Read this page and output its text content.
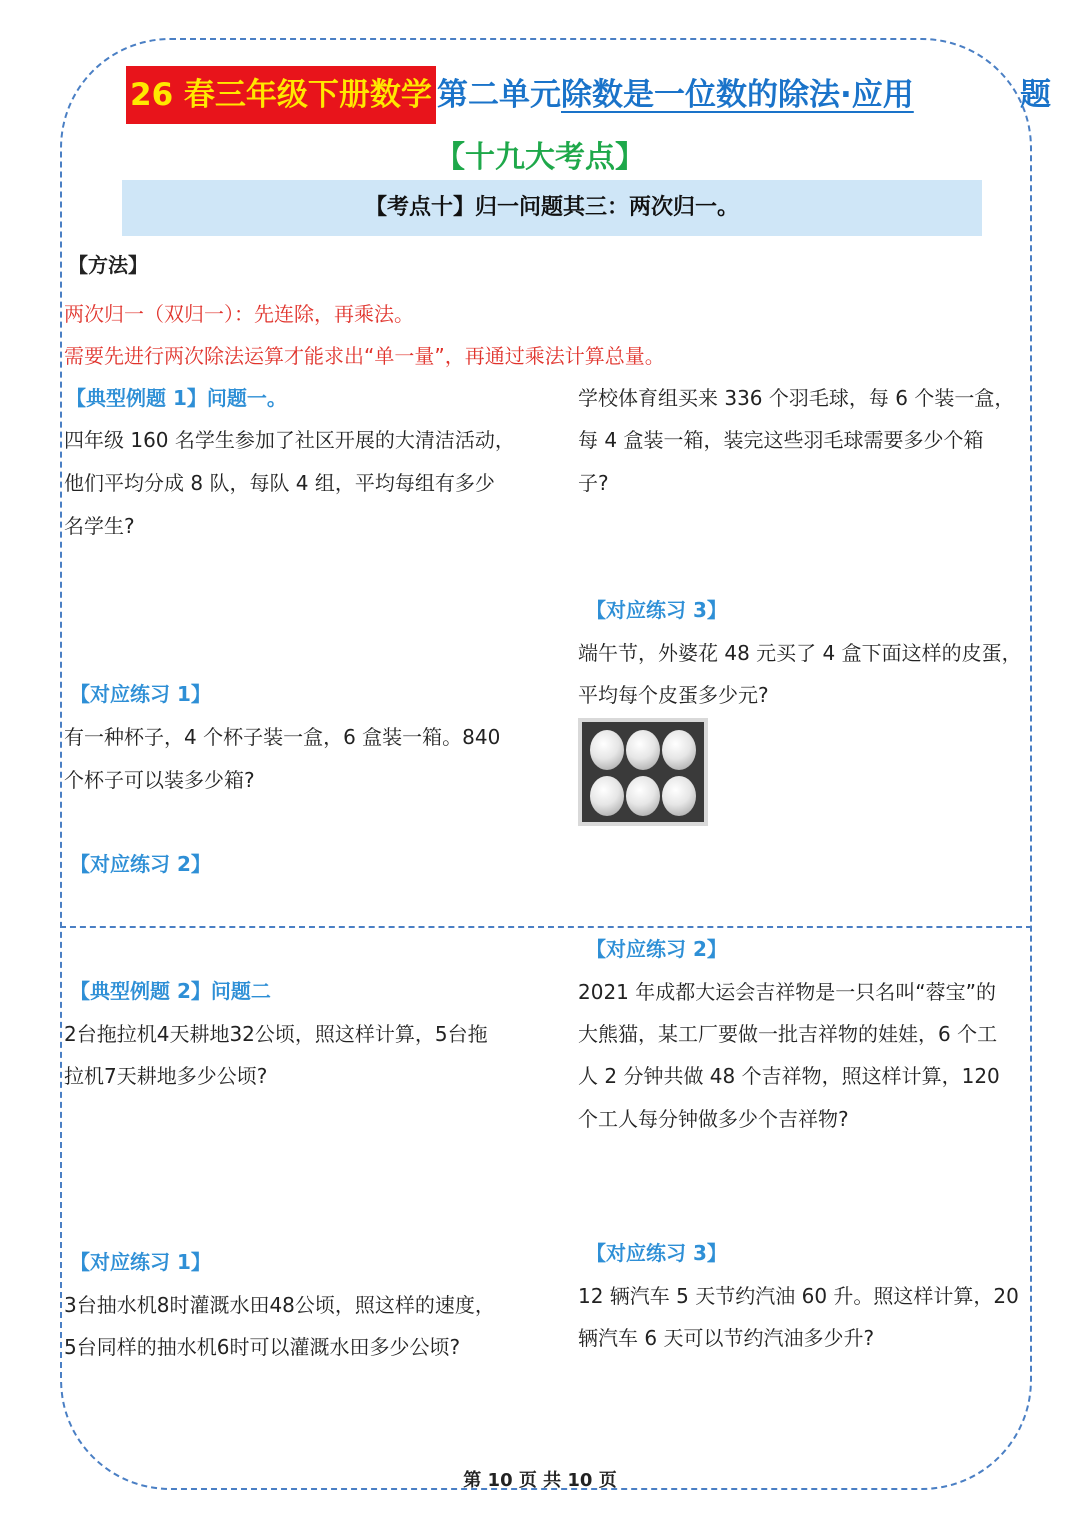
26 春三年级下册数学 第二单元除数是一位数的除法·应用	题
【十九大考点】
【考点十】归一问题其三：两次归一。
【方法】
两次归一（双归一）：先连除，再乘法。
需要先进行两次除法运算才能求出“单一量”，再通过乘法计算总量。
【典型例题 1】问题一。
四年级 160 名学生参加了社区开展的大清洁活动，
他们平均分成 8 队，每队 4 组，平均每组有多少
名学生?
【对应练习 1】
有一种杯子，4 个杯子装一盒，6 盒装一箱。840
个杯子可以装多少箱?
【对应练习 2】
学校体育组买来 336 个羽毛球，每 6 个装一盒，
每 4 盒装一箱，装完这些羽毛球需要多少个箱
子?
【对应练习 3】
端午节，外婆花 48 元买了 4 盒下面这样的皮蛋，
平均每个皮蛋多少元?
【典型例题 2】问题二
2台拖拉机4天耕地32公顷，照这样计算，5台拖
拉机7天耕地多少公顷?
【对应练习 1】
3台抽水机8时灌溉水田48公顷，照这样的速度，
5台同样的抽水机6时可以灌溉水田多少公顷?
【对应练习 2】
2021 年成都大运会吉祥物是一只名叫“蓉宝”的
大熊猫，某工厂要做一批吉祥物的娃娃，6 个工
人 2 分钟共做 48 个吉祥物，照这样计算，120
个工人每分钟做多少个吉祥物?
【对应练习 3】
12 辆汽车 5 天节约汽油 60 升。照这样计算，20
辆汽车 6 天可以节约汽油多少升?
第 10 页 共 10 页
